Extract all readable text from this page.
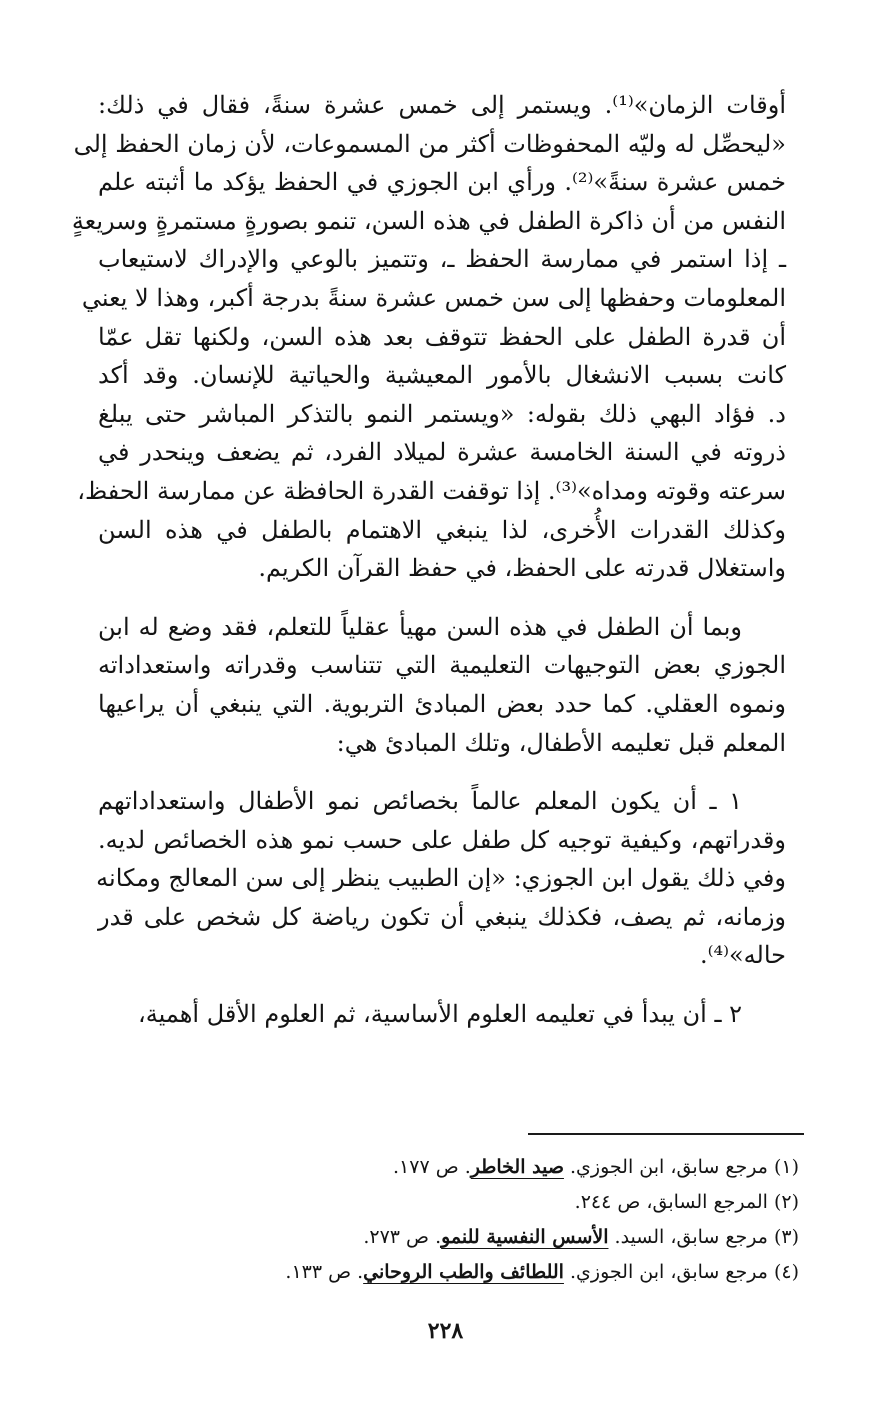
أوقات الزمان»⁽¹⁾. ويستمر إلى خمس عشرة سنةً، فقال في ذلك:
«ليحصِّل له وليّه المحفوظات أكثر من المسموعات، لأن زمان الحفظ إلى
خمس عشرة سنةً»⁽²⁾. ورأي ابن الجوزي في الحفظ يؤكد ما أثبته علم
النفس من أن ذاكرة الطفل في هذه السن، تنمو بصورةٍ مستمرةٍ وسريعةٍ
ـ إذا استمر في ممارسة الحفظ ـ، وتتميز بالوعي والإدراك لاستيعاب
المعلومات وحفظها إلى سن خمس عشرة سنةً بدرجة أكبر، وهذا لا يعني
أن قدرة الطفل على الحفظ تتوقف بعد هذه السن، ولكنها تقل عمّا
كانت بسبب الانشغال بالأمور المعيشية والحياتية للإنسان. وقد أكد
د. فؤاد البهي ذلك بقوله: «ويستمر النمو بالتذكر المباشر حتى يبلغ
ذروته في السنة الخامسة عشرة لميلاد الفرد، ثم يضعف وينحدر في
سرعته وقوته ومداه»⁽³⁾. إذا توقفت القدرة الحافظة عن ممارسة الحفظ،
وكذلك القدرات الأُخرى، لذا ينبغي الاهتمام بالطفل في هذه السن
واستغلال قدرته على الحفظ، في حفظ القرآن الكريم.
وبما أن الطفل في هذه السن مهيأ عقلياً للتعلم، فقد وضع له ابن
الجوزي بعض التوجيهات التعليمية التي تتناسب وقدراته واستعداداته
ونموه العقلي. كما حدد بعض المبادئ التربوية. التي ينبغي أن يراعيها
المعلم قبل تعليمه الأطفال، وتلك المبادئ هي:
١ ـ أن يكون المعلم عالماً بخصائص نمو الأطفال واستعداداتهم
وقدراتهم، وكيفية توجيه كل طفل على حسب نمو هذه الخصائص لديه.
وفي ذلك يقول ابن الجوزي: «إن الطبيب ينظر إلى سن المعالج ومكانه
وزمانه، ثم يصف، فكذلك ينبغي أن تكون رياضة كل شخص على قدر
حاله»⁽⁴⁾.
٢ ـ أن يبدأ في تعليمه العلوم الأساسية، ثم العلوم الأقل أهمية،
(١) مرجع سابق، ابن الجوزي. صيد الخاطر. ص ١٧٧.
(٢) المرجع السابق، ص ٢٤٤.
(٣) مرجع سابق، السيد. الأسس النفسية للنمو. ص ٢٧٣.
(٤) مرجع سابق، ابن الجوزي. اللطائف والطب الروحاني. ص ١٣٣.
٢٢٨
